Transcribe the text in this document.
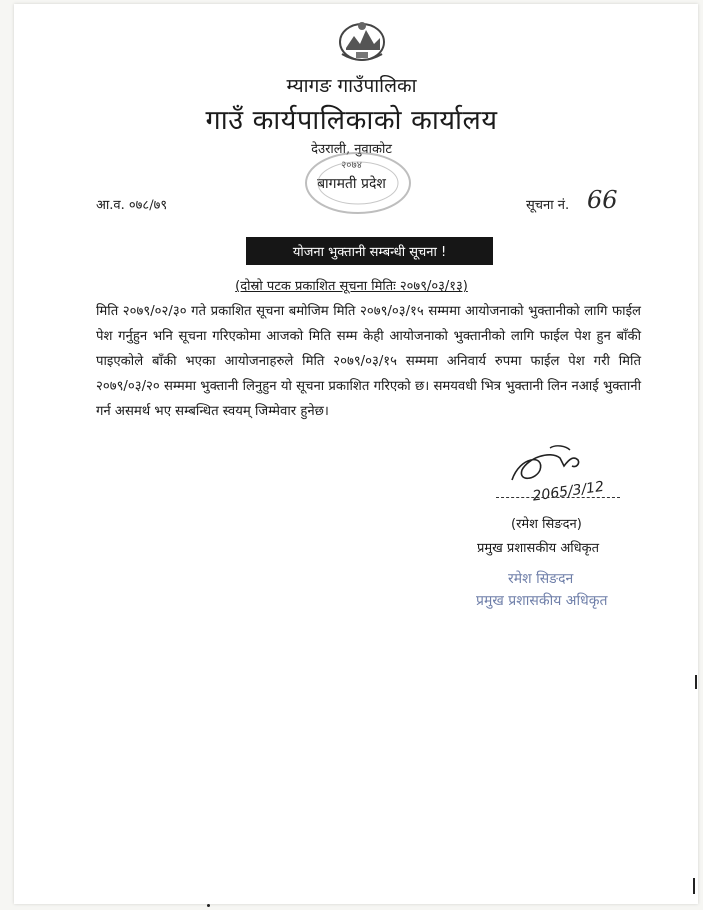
म्यागङ गाउँपालिका
गाउँ कार्यपालिकाको कार्यालय
देउराली, नुवाकोट
२०७४
बागमती प्रदेश
आ.व. ०७८/७९	सूचना नं. 66
योजना भुक्तानी सम्बन्धी सूचना !
(दोस्रो पटक प्रकाशित सूचना मितिः २०७९/०३/१३)
मिति २०७९/०२/३० गते प्रकाशित सूचना बमोजिम मिति २०७९/०३/१५ सम्ममा आयोजनाको भुक्तानीको लागि फाईल पेश गर्नुहुन भनि सूचना गरिएकोमा आजको मिति सम्म केही आयोजनाको भुक्तानीको लागि फाईल पेश हुन बाँकी पाइएकोले बाँकी भएका आयोजनाहरुले मिति २०७९/०३/१५ सम्ममा अनिवार्य रुपमा फाईल पेश गरी मिति २०७९/०३/२० सम्ममा भुक्तानी लिनुहुन यो सूचना प्रकाशित गरिएको छ। समयवधी भित्र भुक्तानी लिन नआई भुक्तानी गर्न असमर्थ भए सम्बन्धित स्वयम् जिम्मेवार हुनेछ।
2065/3/12
(रमेश सिङदन)
प्रमुख प्रशासकीय अधिकृत
रमेश सिङदन
प्रमुख प्रशासकीय अधिकृत
